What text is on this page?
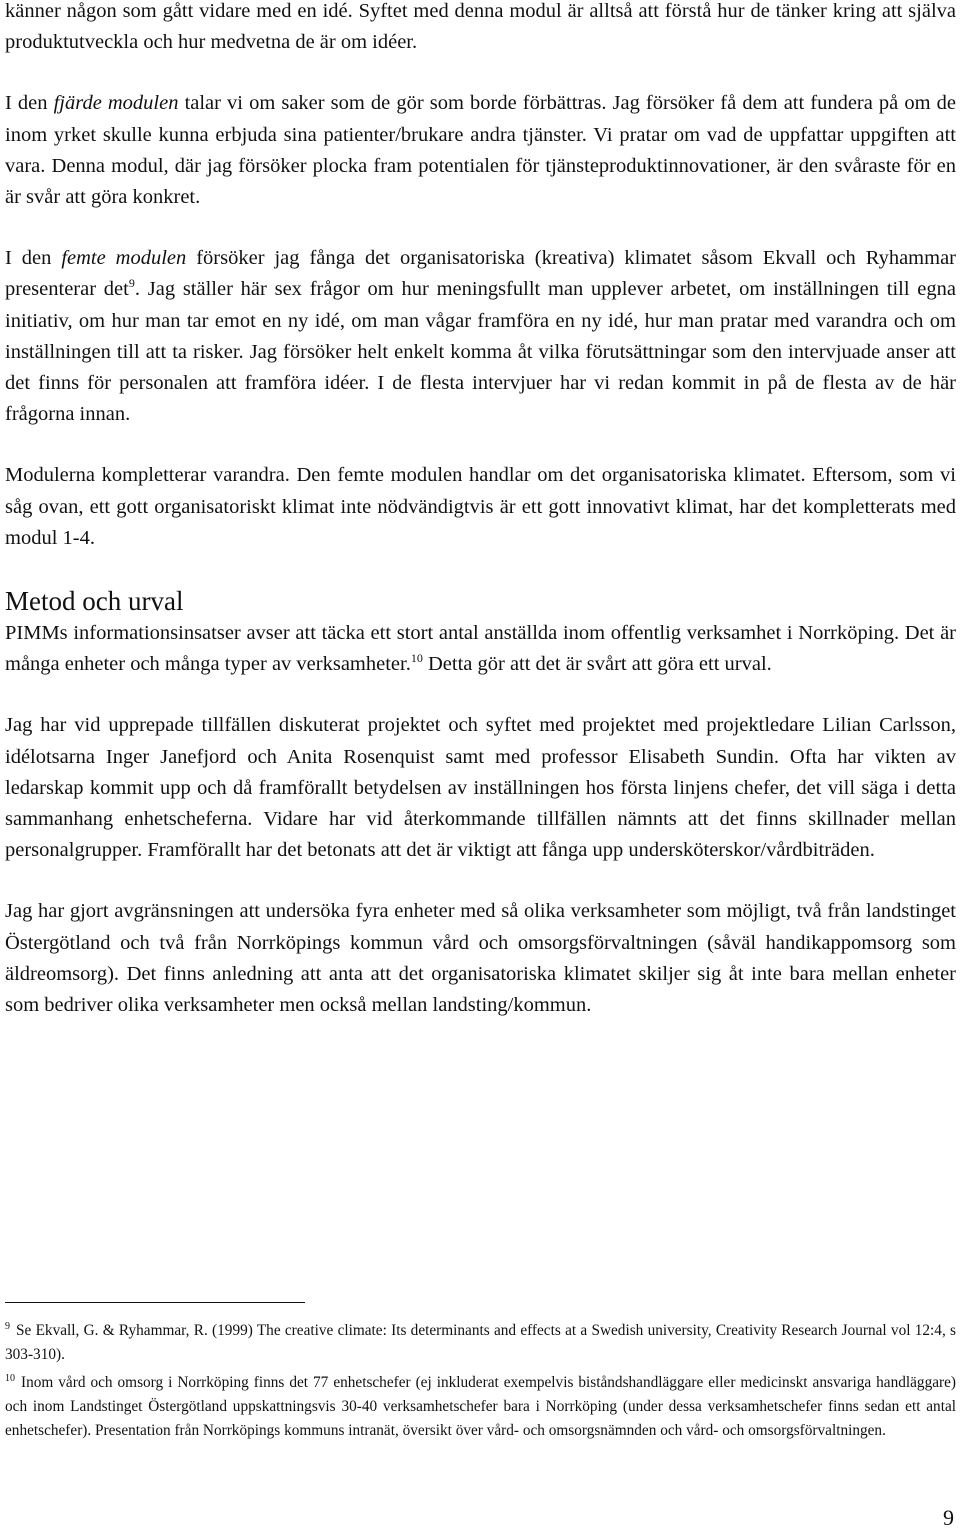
känner någon som gått vidare med en idé. Syftet med denna modul är alltså att förstå hur de tänker kring att själva produktutveckla och hur medvetna de är om idéer.

I den fjärde modulen talar vi om saker som de gör som borde förbättras. Jag försöker få dem att fundera på om de inom yrket skulle kunna erbjuda sina patienter/brukare andra tjänster. Vi pratar om vad de uppfattar uppgiften att vara. Denna modul, där jag försöker plocka fram potentialen för tjänsteproduktinnovationer, är den svåraste för en är svår att göra konkret.

I den femte modulen försöker jag fånga det organisatoriska (kreativa) klimatet såsom Ekvall och Ryhammar presenterar $\det^9$. Jag ställer här sex frågor om hur meningsfullt man upplever arbetet, om inställningen till egna initiativ, om hur man tar emot en ny idé, om man vågar framföra en ny idé, hur man pratar med varandra och om inställningen till att ta risker. Jag försöker helt enkelt komma åt vilka förutsättningar som den intervjuade anser att det finns för personalen att framföra idéer. I de flesta intervjuer har vi redan kommit in på de flesta av de här frågorna innan.

Modulerna kompletterar varandra. Den femte modulen handlar om det organisatoriska klimatet. Eftersom, som vi såg ovan, ett gott organisatoriskt klimat inte nödvändigtvis är ett gott innovativt klimat, har det kompletterats med modul 1-4.

Metod och urval

PIMMs informationsinsatser avser att täcka ett stort antal anställda inom offentlig verksamhet i Norrköping. Det är många enheter och många typer av verksamheter.$^{10}$ Detta gör att det är svårt att göra ett urval.

Jag har vid upprepade tillfällen diskuterat projektet och syftet med projektet med projektledare Lilian Carlsson, idélotsarna Inger Janefjord och Anita Rosenquist samt med professor Elisabeth Sundin. Ofta har vikten av ledarskap kommit upp och då framförallt betydelsen av inställningen hos första linjens chefer, det vill säga i detta sammanhang enhetscheferna. Vidare har vid återkommande tillfällen nämnts att det finns skillnader mellan personalgrupper. Framförallt har det betonats att det är viktigt att fånga upp undersköterskor/vårdbiträden.

Jag har gjort avgränsningen att undersöka fyra enheter med så olika verksamheter som möjligt, två från landstinget Östergötland och två från Norrköpings kommun vård och omsorgsförvaltningen (såväl handikappomsorg som äldreomsorg). Det finns anledning att anta att det organisatoriska klimatet skiljer sig åt inte bara mellan enheter som bedriver olika verksamheter men också mellan landsting/kommun.

$^9$ Se Ekvall, G. & Ryhammar, R. (1999) The creative climate: Its determinants and effects at a Swedish university, Creativity Research Journal vol 12:4, s 303-310).

$^{10}$ Inom vård och omsorg i Norrköping finns det 77 enhetschefer (ej inkluderat exempelvis biståndshandläggare eller medicinskt ansvariga handläggare) och inom Landstinget Östergötland uppskattningsvis 30-40 verksamhetschefer bara i Norrköping (under dessa verksamhetschefer finns sedan ett antal enhetschefer). Presentation från Norrköpings kommuns intranät, översikt över vård- och omsorgsnämnden och vård- och omsorgsförvaltningen.

9
